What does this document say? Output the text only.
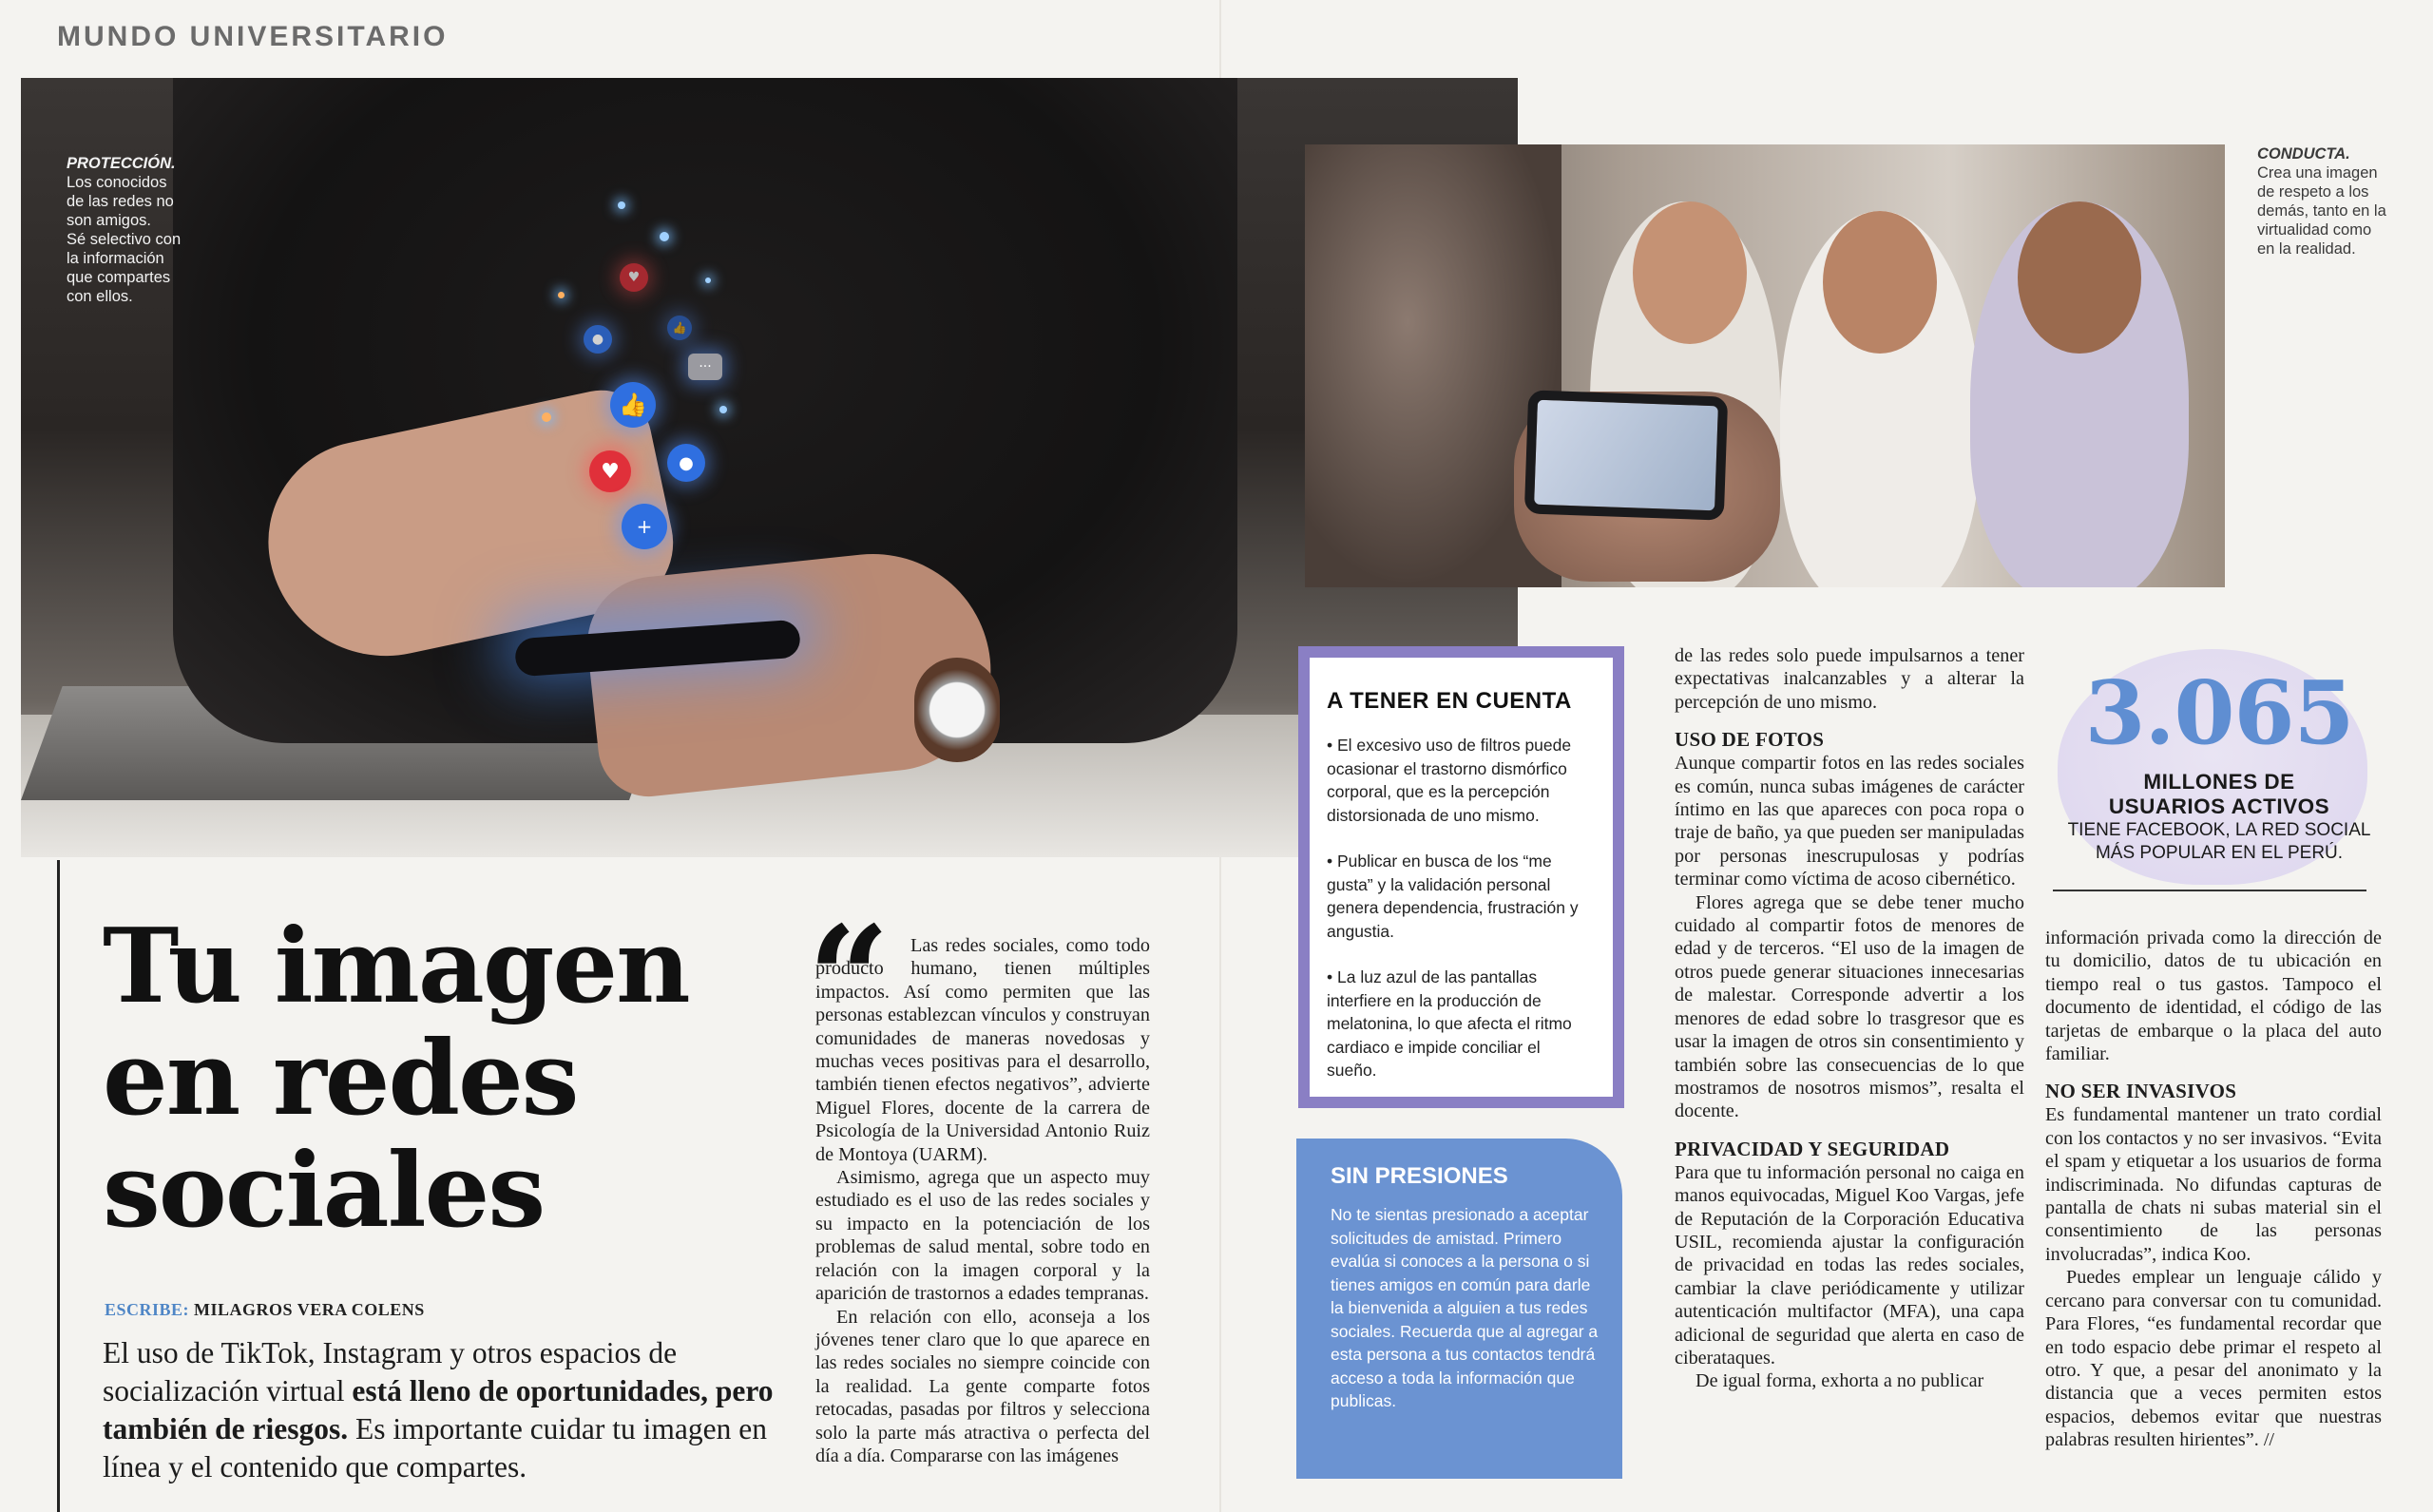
MUNDO UNIVERSITARIO
👍
♥	●
+
♥
●
👍
···
PROTECCIÓN.
Los conocidos
de las redes no
son amigos.
Sé selectivo con
la información
que compartes
con ellos.
CONDUCTA.
Crea una imagen
de respeto a los
demás, tanto en la
virtualidad como
en la realidad.
Tu imagen
en redes
sociales
ESCRIBE: MILAGROS VERA COLENS

El uso de TikTok, Instagram y otros espacios de socialización virtual está lleno de oportunidades, pero también de riesgos. Es importante cuidar tu imagen en línea y el contenido que compartes.

“	Las redes sociales, como todo producto humano, tienen múltiples impactos. Así como permiten que las personas establezcan vínculos y construyan comunidades de maneras novedosas y muchas veces positivas para el desarrollo, también tienen efectos negativos”, advierte Miguel Flores, docente de la carrera de Psicología de la Universidad Antonio Ruiz de Montoya (UARM).

Asimismo, agrega que un aspecto muy estudiado es el uso de las redes sociales y su impacto en la potenciación de los problemas de salud mental, sobre todo en relación con la imagen corporal y la aparición de trastornos a edades tempranas.

En relación con ello, aconseja a los jóvenes tener claro que lo que aparece en las redes sociales no siempre coincide con la realidad. La gente comparte fotos retocadas, pasadas por filtros y selecciona solo la parte más atractiva o perfecta del día a día. Compararse con las imágenes

A TENER EN CUENTA
• El excesivo uso de filtros puede ocasionar el trastorno dismórfico corporal, que es la percepción distorsionada de uno mismo.
• Publicar en busca de los “me gusta” y la validación personal genera dependencia, frustración y angustia.
• La luz azul de las pantallas interfiere en la producción de melatonina, lo que afecta el ritmo cardiaco e impide conciliar el sueño.
SIN PRESIONES

No te sientas presionado a aceptar solicitudes de amistad. Primero evalúa si conoces a la persona o si tienes amigos en común para darle la bienvenida a alguien a tus redes sociales. Recuerda que al agregar a esta persona a tus contactos tendrá acceso a toda la información que publicas.

de las redes solo puede impulsarnos a tener expectativas inalcanzables y a alterar la percepción de uno mismo.

USO DE FOTOS

Aunque compartir fotos en las redes sociales es común, nunca subas imágenes de carácter íntimo en las que apareces con poca ropa o traje de baño, ya que pueden ser manipuladas por personas inescrupulosas y podrías terminar como víctima de acoso cibernético.

Flores agrega que se debe tener mucho cuidado al compartir fotos de menores de edad y de terceros. “El uso de la imagen de otros puede generar situaciones innecesarias de malestar. Corresponde advertir a los menores de edad sobre lo trasgresor que es usar la imagen de otros sin consentimiento y también sobre las consecuencias de lo que mostramos de nosotros mismos”, resalta el docente.

PRIVACIDAD Y SEGURIDAD

Para que tu información personal no caiga en manos equivocadas, Miguel Koo Vargas, jefe de Reputación de la Corporación Educativa USIL, recomienda ajustar la configuración de privacidad en todas las redes sociales, cambiar la clave periódicamente y utilizar autenticación multifactor (MFA), una capa adicional de seguridad que alerta en caso de ciberataques.

De igual forma, exhorta a no publicar

3.065
MILLONES DE
USUARIOS ACTIVOS
TIENE FACEBOOK, LA RED SOCIAL
MÁS POPULAR EN EL PERÚ.

información privada como la dirección de tu domicilio, datos de tu ubicación en tiempo real o tus gastos. Tampoco el documento de identidad, el código de las tarjetas de embarque o la placa del auto familiar.

NO SER INVASIVOS

Es fundamental mantener un trato cordial con los contactos y no ser invasivos. “Evita el spam y etiquetar a los usuarios de forma indiscriminada. No difundas capturas de pantalla de chats ni subas material sin el consentimiento de las personas involucradas”, indica Koo.

Puedes emplear un lenguaje cálido y cercano para conversar con tu comunidad. Para Flores, “es fundamental recordar que en todo espacio debe primar el respeto al otro. Y que, a pesar del anonimato y la distancia que a veces permiten estos espacios, debemos evitar que nuestras palabras resulten hirientes”. //
